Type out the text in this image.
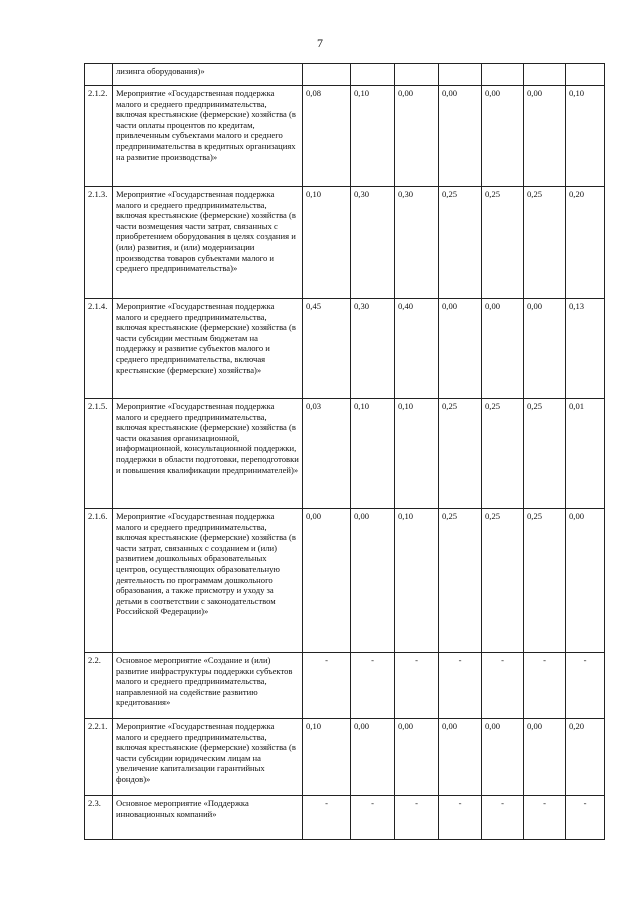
7
	лизинга оборудования)»							
2.1.2.	Мероприятие «Государственная поддержка малого и среднего предпринимательства, включая крестьянские (фермерские) хозяйства (в части оплаты процентов по кредитам, привлеченным субъектами малого и среднего предпринимательства в кредитных организациях на развитие производства)»	0,08	0,10	0,00	0,00	0,00	0,00	0,10
2.1.3.	Мероприятие «Государственная поддержка малого и среднего предпринимательства, включая крестьянские (фермерские) хозяйства (в части возмещения части затрат, связанных с приобретением оборудования в целях создания и (или) развития, и (или) модернизации производства товаров субъектами малого и среднего предпринимательства)»	0,10	0,30	0,30	0,25	0,25	0,25	0,20
2.1.4.	Мероприятие «Государственная поддержка малого и среднего предпринимательства, включая крестьянские (фермерские) хозяйства (в части субсидии местным бюджетам на поддержку и развитие субъектов малого и среднего предпринимательства, включая крестьянские (фермерские) хозяйства)»	0,45	0,30	0,40	0,00	0,00	0,00	0,13
2.1.5.	Мероприятие «Государственная поддержка малого и среднего предпринимательства, включая крестьянские (фермерские) хозяйства (в части оказания организационной, информационной, консультационной поддержки, поддержки в области подготовки, переподготовки и повышения квалификации предпринимателей)»	0,03	0,10	0,10	0,25	0,25	0,25	0,01
2.1.6.	Мероприятие «Государственная поддержка малого и среднего предпринимательства, включая крестьянские (фермерские) хозяйства (в части затрат, связанных с созданием и (или) развитием дошкольных образовательных центров, осуществляющих образовательную деятельность по программам дошкольного образования, а также присмотру и уходу за детьми в соответствии с законодательством Российской Федерации)»	0,00	0,00	0,10	0,25	0,25	0,25	0,00
2.2.	Основное мероприятие «Создание и (или) развитие инфраструктуры поддержки субъектов малого и среднего предпринимательства, направленной на содействие развитию кредитования»	-	-	-	-	-	-	-
2.2.1.	Мероприятие «Государственная поддержка малого и среднего предпринимательства, включая крестьянские (фермерские) хозяйства (в части субсидии юридическим лицам на увеличение капитализации гарантийных фондов)»	0,10	0,00	0,00	0,00	0,00	0,00	0,20
2.3.	Основное мероприятие «Поддержка инновационных компаний»	-	-	-	-	-	-	-
